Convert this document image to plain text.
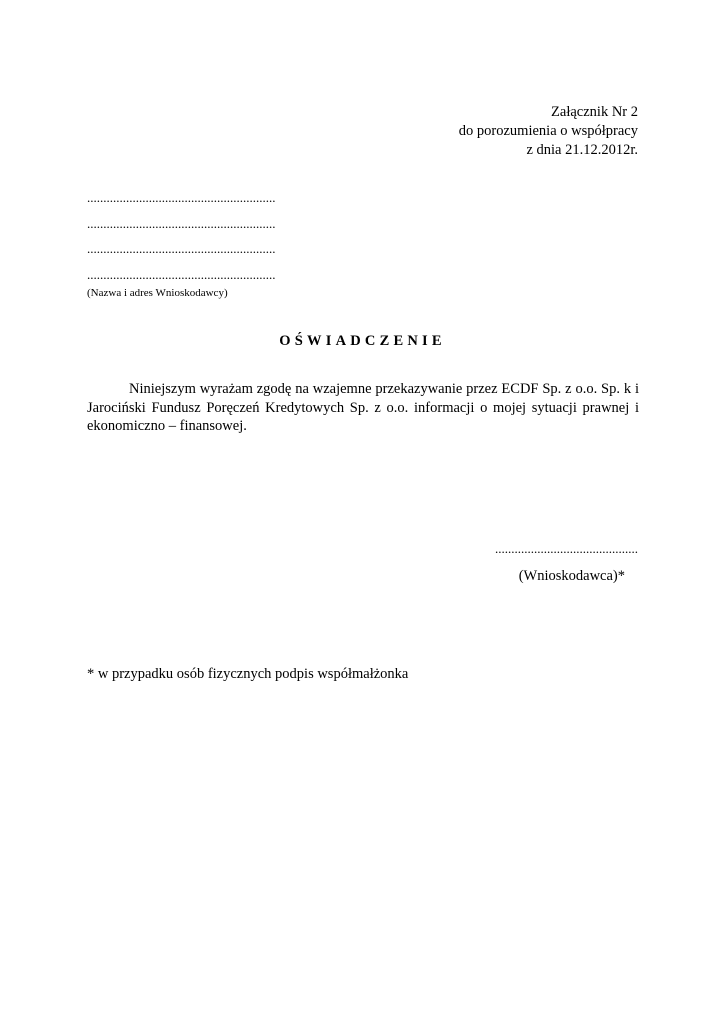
Załącznik Nr 2
do porozumienia o współpracy
z dnia 21.12.2012r.
..........................................................
..........................................................
..........................................................
..........................................................
(Nazwa i adres Wnioskodawcy)
OŚWIADCZENIE
Niniejszym wyrażam zgodę na wzajemne przekazywanie przez ECDF Sp. z o.o. Sp. k i Jarociński Fundusz Poręczeń Kredytowych Sp. z o.o. informacji o mojej sytuacji prawnej i ekonomiczno – finansowej.
............................................
(Wnioskodawca)*
* w przypadku osób fizycznych podpis współmałżonka
